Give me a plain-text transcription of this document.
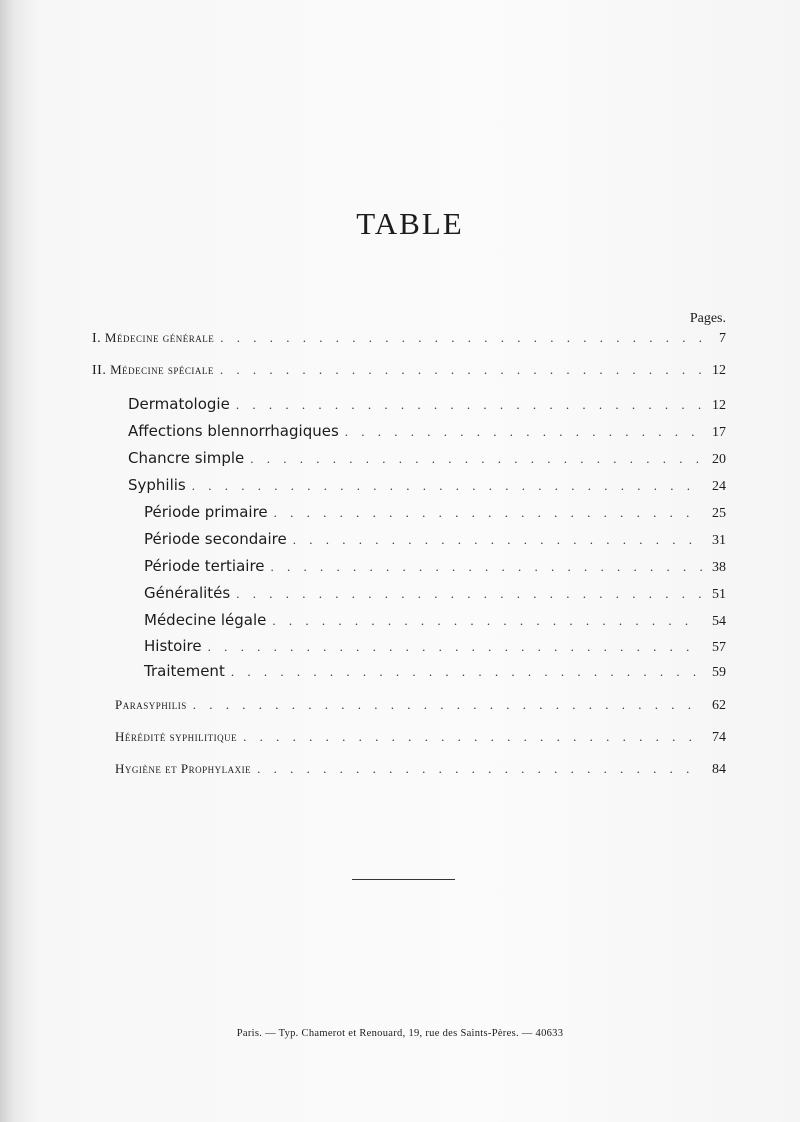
TABLE
Pages.
I. Médecine générale . . .	7
II. Médecine spéciale . . .	12
Dermatologie . . .	12
Affections blennorrhagiques . . .	17
Chancre simple . . .	20
Syphilis . . .	24
Période primaire . . .	25
Période secondaire . . .	31
Période tertiaire . . .	38
Généralités . . .	51
Médecine légale . . .	54
Histoire . . .	57
Traitement . . .	59
Parasyphilis . . .	62
Hérédité syphilitique . . .	74
Hygiène et Prophylaxie . . .	84
Paris. — Typ. Chamerot et Renouard, 19, rue des Saints-Pères. — 40633
